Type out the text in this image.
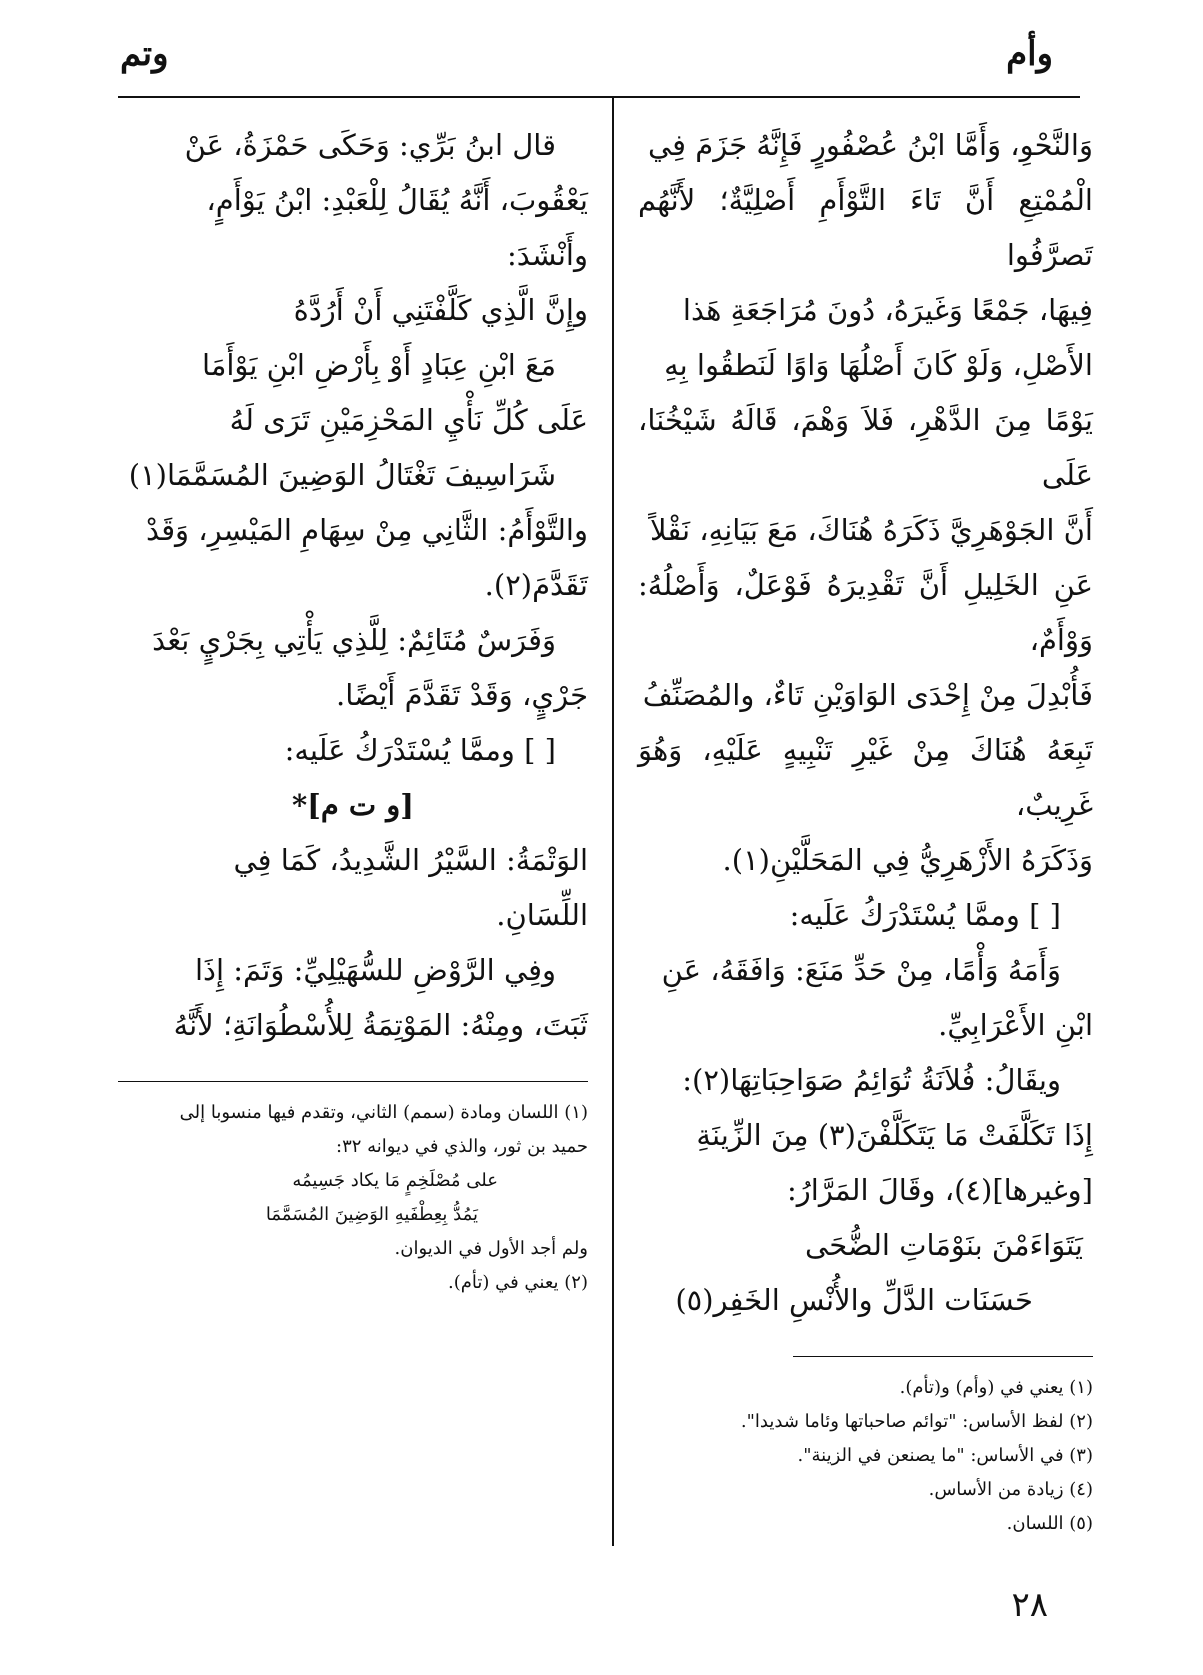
وأم
وتم

وَالنَّحْوِ، وَأَمَّا ابْنُ عُصْفُورٍ فَإِنَّهُ جَزَمَ فِي

الْمُمْتِعِ أَنَّ تَاءَ التَّوْأَمِ أَصْلِيَّةٌ؛ لأَنَّهُم تَصرَّفُوا

فِيهَا، جَمْعًا وَغَيرَهُ، دُونَ مُرَاجَعَةِ هَذا

الأَصْلِ، وَلَوْ كَانَ أَصْلُهَا وَاوًا لَنَطقُوا بِهِ

يَوْمًا مِنَ الدَّهْرِ، فَلاَ وَهْمَ، قَالَهُ شَيْخُنَا، عَلَى

أَنَّ الجَوْهَرِيَّ ذَكَرَهُ هُنَاكَ، مَعَ بَيَانِهِ، نَقْلاً

عَنِ الخَلِيلِ أَنَّ تَقْدِيرَهُ فَوْعَلٌ، وَأَصْلُهُ: وَوْأَمٌ،

فَأُبْدِلَ مِنْ إِحْدَى الوَاوَيْنِ تَاءٌ، والمُصَنِّفُ

تَبِعَهُ هُنَاكَ مِنْ غَيْرِ تَنْبِيهٍ عَلَيْهِ، وَهُوَ غَرِيبٌ،

وَذَكَرَهُ الأَزْهَرِيُّ فِي المَحَلَّيْنِ(١).

[ ] وممَّا يُسْتَدْرَكُ عَلَيه:

وَأَمَهُ وَأْمًا، مِنْ حَدِّ مَنَعَ: وَافَقَهُ، عَنِ

ابْنِ الأَعْرَابِيِّ.

ويقَالُ: فُلاَنَةُ تُوَائِمُ صَوَاحِبَاتِهَا(٢):

إِذَا تَكَلَّفَتْ مَا يَتَكَلَّفْنَ(٣) مِنَ الزِّينَةِ

[وغيرها](٤)، وقَالَ المَرَّارُ:

يَتَوَاءَمْنَ بنَوْمَاتِ الضُّحَى

حَسَنَات الدَّلِّ والأُنْسِ الخَفِر(٥)

(١) يعني في (وأم) و(تأم).
(٢) لفظ الأساس: "توائم صاحباتها وئاما شديدا".
(٣) في الأساس: "ما يصنعن في الزينة".
(٤) زيادة من الأساس.
(٥) اللسان.

قال ابنُ بَرِّي: وَحَكَى حَمْزَةُ، عَنْ

يَعْقُوبَ، أَنَّهُ يُقَالُ لِلْعَبْدِ: ابْنُ يَوْأَمٍ،

وأَنْشَدَ:

وإِنَّ الَّذِي كَلَّفْتَنِي أَنْ أَرُدَّهُ

مَعَ ابْنِ عِبَادٍ أَوْ بِأَرْضِ ابْنِ يَوْأَمَا

عَلَى كُلِّ نَأْيِ المَحْزِمَيْنِ تَرَى لَهُ

شَرَاسِيفَ تَغْتَالُ الوَضِينَ المُسَمَّمَا(١)

والتَّوْأَمُ: الثَّانِي مِنْ سِهَامِ المَيْسِرِ، وَقَدْ

تَقَدَّمَ(٢).

وَفَرَسٌ مُتَائِمٌ: لِلَّذِي يَأْتِي بِجَرْيٍ بَعْدَ

جَرْيٍ، وَقَدْ تَقَدَّمَ أَيْضًا.

[ ] وممَّا يُسْتَدْرَكُ عَلَيه:

[و ت م]*

الوَتْمَةُ: السَّيْرُ الشَّدِيدُ، كَمَا فِي

اللِّسَانِ.

وفِي الرَّوْضِ للسُّهَيْلِيِّ: وَتَمَ: إِذَا

ثَبَتَ، ومِنْهُ: المَوْتِمَةُ لِلأُسْطُوَانَةِ؛ لأَنَّهُ

(١) اللسان ومادة (سمم) الثاني، وتقدم فيها منسوبا إلى
حميد بن ثور، والذي في ديوانه ٣٢:
على مُصْلَخِمٍ مَا يكاد جَسِيمُه
يَمُدُّ بِعِطْفَيهِ الوَضِينَ المُسَمَّمَا
ولم أجد الأول في الديوان.
(٢) يعني في (تأم).
٢٨
